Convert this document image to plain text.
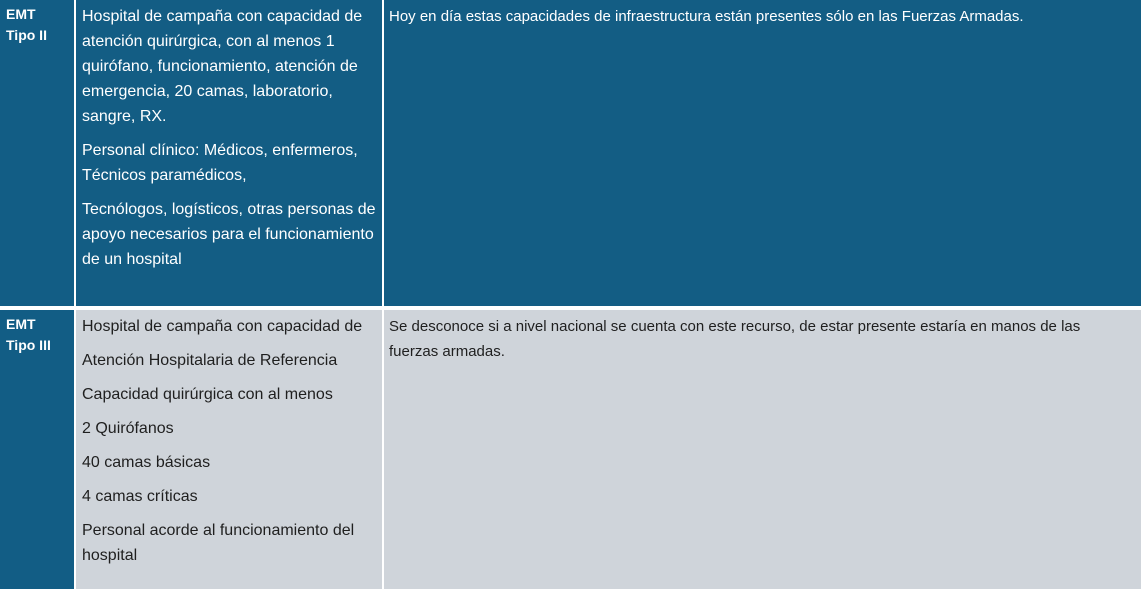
EMT
Tipo II
Hospital de campaña con capacidad de atención quirúrgica, con al menos 1 quirófano, funcionamiento, atención de emergencia, 20 camas, laboratorio, sangre, RX.
Personal clínico: Médicos, enfermeros, Técnicos paramédicos,
Tecnólogos, logísticos, otras personas de apoyo necesarios para el funcionamiento de un hospital
Hoy en día estas capacidades de infraestructura están presentes sólo en las Fuerzas Armadas.
EMT
Tipo III
Hospital de campaña con capacidad de
Atención Hospitalaria de Referencia
Capacidad quirúrgica con al menos
2 Quirófanos
40 camas básicas
4 camas críticas
Personal acorde al funcionamiento del hospital
Se desconoce si a nivel nacional se cuenta con este recurso, de estar presente estaría en manos de las fuerzas armadas.
